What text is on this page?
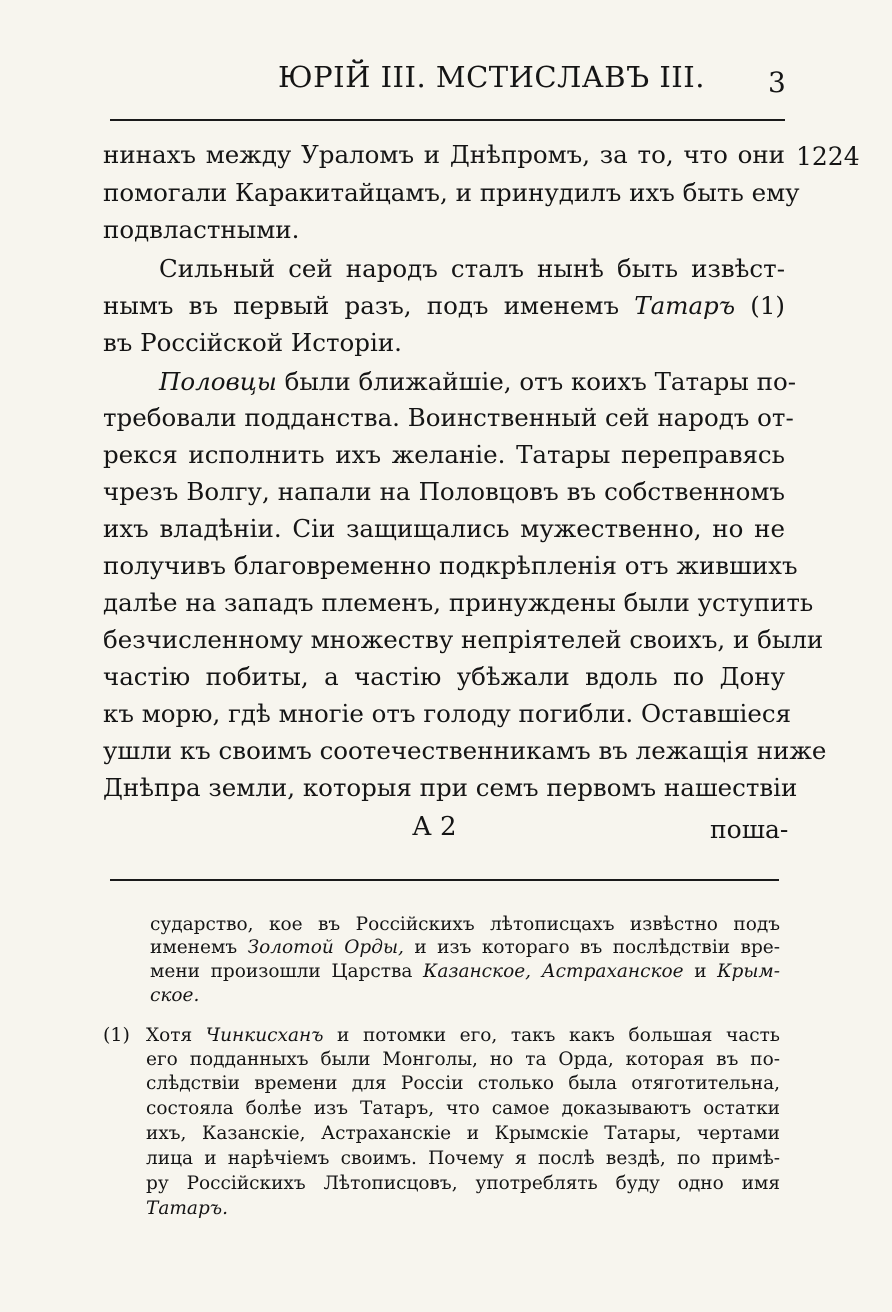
ЮРІЙ III. МСТИСЛАВЪ III. 3
1224
нинахъ между Ураломъ и Днѣпромъ, за то, что они
помогали Каракитайцамъ, и принудилъ ихъ быть ему
подвластными.
Сильный сей народъ сталъ нынѣ быть извѣст-
нымъ въ первый разъ, подъ именемъ Татаръ (1)
въ Россійской Исторіи.
Половцы были ближайшіе, отъ коихъ Татары по-
требовали подданства. Воинственный сей народъ от-
рекся исполнить ихъ желаніе. Татары переправясь
чрезъ Волгу, напали на Половцовъ въ собственномъ
ихъ владѣніи. Сіи защищались мужественно, но не
получивъ благовременно подкрѣпленія отъ жившихъ
далѣе на западъ племенъ, принуждены были уступить
безчисленному множеству непріятелей своихъ, и были
частію побиты, а частію убѣжали вдоль по Дону
къ морю, гдѣ многіе отъ голоду погибли. Оставшіеся
ушли къ своимъ соотечественникамъ въ лежащія ниже
Днѣпра земли, которыя при семъ первомъ нашествіи
А 2	поша-
сударство, кое въ Россійскихъ лѣтописцахъ извѣстно подъ
именемъ Золотой Орды, и изъ котораго въ послѣдствіи вре-
мени произошли Царства Казанское, Астраханское и Крым-
ское.
(1) Хотя Чинкисханъ и потомки его, такъ какъ большая часть
его подданныхъ были Монголы, но та Орда, которая въ по-
слѣдствіи времени для Россіи столько была отяготительна,
состояла болѣе изъ Татаръ, что самое доказываютъ остатки
ихъ, Казанскіе, Астраханскіе и Крымскіе Татары, чертами
лица и нарѣчіемъ своимъ. Почему я послѣ вездѣ, по примѣ-
ру Россійскихъ Лѣтописцовъ, употреблять буду одно имя
Татаръ.
